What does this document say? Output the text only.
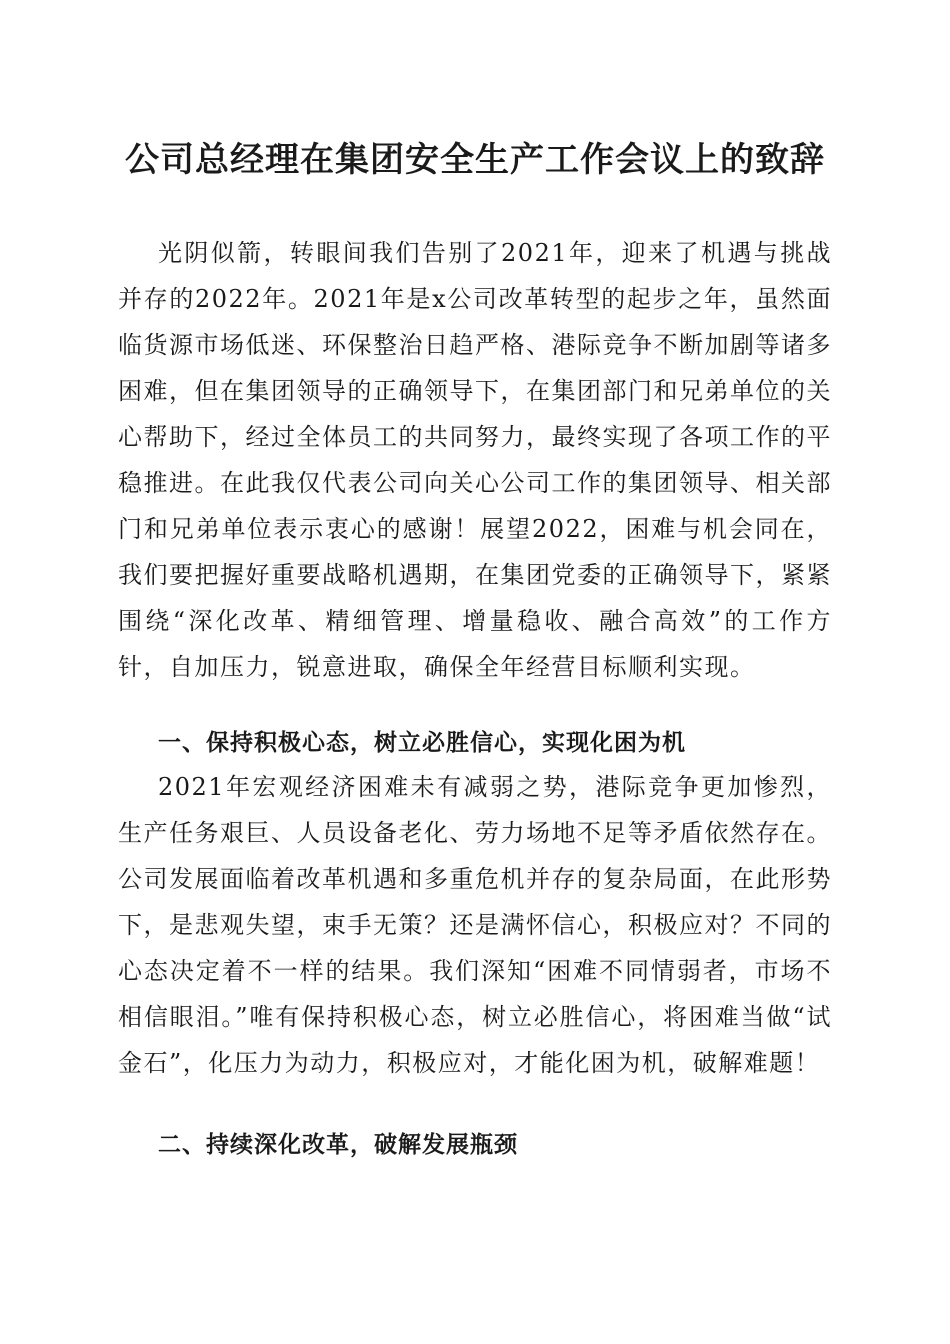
公司总经理在集团安全生产工作会议上的致辞

光阴似箭，转眼间我们告别了2021年，迎来了机遇与挑战并存的2022年。2021年是x公司改革转型的起步之年，虽然面临货源市场低迷、环保整治日趋严格、港际竞争不断加剧等诸多困难，但在集团领导的正确领导下，在集团部门和兄弟单位的关心帮助下，经过全体员工的共同努力，最终实现了各项工作的平稳推进。在此我仅代表公司向关心公司工作的集团领导、相关部门和兄弟单位表示衷心的感谢！展望2022，困难与机会同在，我们要把握好重要战略机遇期，在集团党委的正确领导下，紧紧围绕“深化改革、精细管理、增量稳收、融合高效”的工作方针，自加压力，锐意进取，确保全年经营目标顺利实现。

一、保持积极心态，树立必胜信心，实现化困为机

2021年宏观经济困难未有减弱之势，港际竞争更加惨烈，生产任务艰巨、人员设备老化、劳力场地不足等矛盾依然存在。公司发展面临着改革机遇和多重危机并存的复杂局面，在此形势下，是悲观失望，束手无策？还是满怀信心，积极应对？不同的心态决定着不一样的结果。我们深知“困难不同情弱者，市场不相信眼泪。”唯有保持积极心态，树立必胜信心，将困难当做“试金石”，化压力为动力，积极应对，才能化困为机，破解难题！

二、持续深化改革，破解发展瓶颈
